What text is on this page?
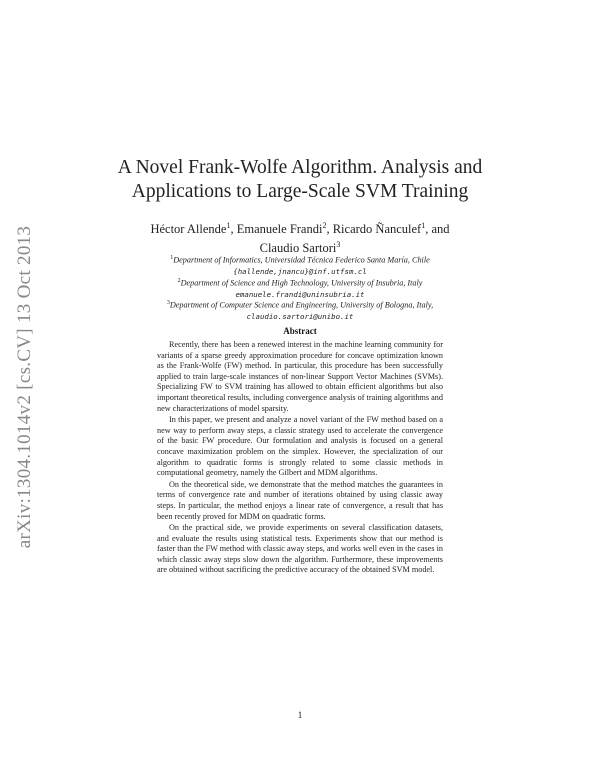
arXiv:1304.1014v2 [cs.CV] 13 Oct 2013
A Novel Frank-Wolfe Algorithm. Analysis and
Applications to Large-Scale SVM Training
Héctor Allende$^1$, Emanuele Frandi$^2$, Ricardo Ñanculef$^1$, and
Claudio Sartori$^3$
$^1$Department of Informatics, Universidad Técnica Federico Santa María, Chile
{hallende,jnancu}@inf.utfsm.cl
$^2$Department of Science and High Technology, University of Insubria, Italy
emanuele.frandi@uninsubria.it
$^3$Department of Computer Science and Engineering, University of Bologna, Italy,
claudio.sartori@unibo.it
Abstract

Recently, there has been a renewed interest in the machine learning community for variants of a sparse greedy approximation procedure for concave optimization known as the Frank-Wolfe (FW) method. In particular, this procedure has been successfully applied to train large-scale instances of non-linear Support Vector Machines (SVMs). Specializing FW to SVM training has allowed to obtain efficient algorithms but also important theoretical results, including convergence analysis of training algorithms and new characterizations of model sparsity.

In this paper, we present and analyze a novel variant of the FW method based on a new way to perform away steps, a classic strategy used to accelerate the convergence of the basic FW procedure. Our formulation and analysis is focused on a general concave maximization problem on the simplex. However, the specialization of our algorithm to quadratic forms is strongly related to some classic methods in computational geometry, namely the Gilbert and MDM algorithms.

On the theoretical side, we demonstrate that the method matches the guarantees in terms of convergence rate and number of iterations obtained by using classic away steps. In particular, the method enjoys a linear rate of convergence, a result that has been recently proved for MDM on quadratic forms.

On the practical side, we provide experiments on several classification datasets, and evaluate the results using statistical tests. Experiments show that our method is faster than the FW method with classic away steps, and works well even in the cases in which classic away steps slow down the algorithm. Furthermore, these improvements are obtained without sacrificing the predictive accuracy of the obtained SVM model.

1
